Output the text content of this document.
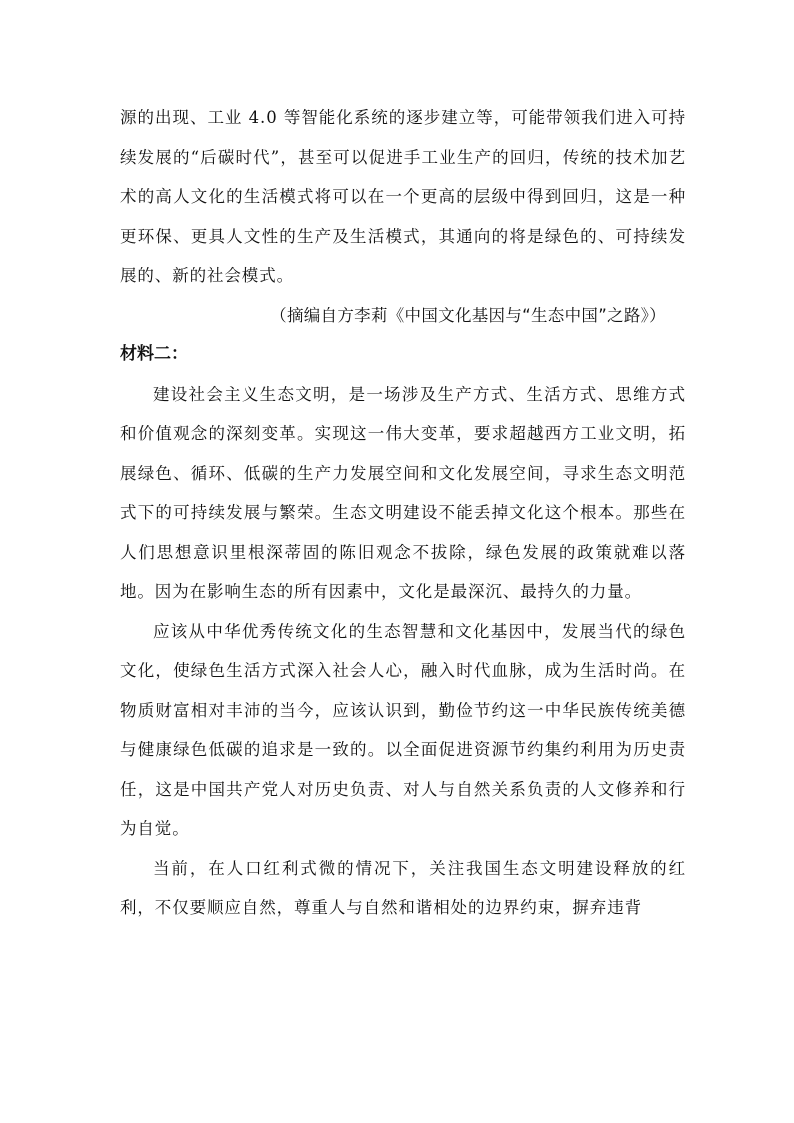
源的出现、工业 4.0 等智能化系统的逐步建立等，可能带领我们进入可持续发展的“后碳时代”，甚至可以促进手工业生产的回归，传统的技术加艺术的高人文化的生活模式将可以在一个更高的层级中得到回归，这是一种更环保、更具人文性的生产及生活模式，其通向的将是绿色的、可持续发展的、新的社会模式。

（摘编自方李莉《中国文化基因与“生态中国”之路》）

材料二：

建设社会主义生态文明，是一场涉及生产方式、生活方式、思维方式和价值观念的深刻变革。实现这一伟大变革，要求超越西方工业文明，拓展绿色、循环、低碳的生产力发展空间和文化发展空间，寻求生态文明范式下的可持续发展与繁荣。生态文明建设不能丢掉文化这个根本。那些在人们思想意识里根深蒂固的陈旧观念不拔除，绿色发展的政策就难以落地。因为在影响生态的所有因素中，文化是最深沉、最持久的力量。

应该从中华优秀传统文化的生态智慧和文化基因中，发展当代的绿色文化，使绿色生活方式深入社会人心，融入时代血脉，成为生活时尚。在物质财富相对丰沛的当今，应该认识到，勤俭节约这一中华民族传统美德与健康绿色低碳的追求是一致的。以全面促进资源节约集约利用为历史责任，这是中国共产党人对历史负责、对人与自然关系负责的人文修养和行为自觉。

当前，在人口红利式微的情况下，关注我国生态文明建设释放的红利，不仅要顺应自然，尊重人与自然和谐相处的边界约束，摒弃违背
